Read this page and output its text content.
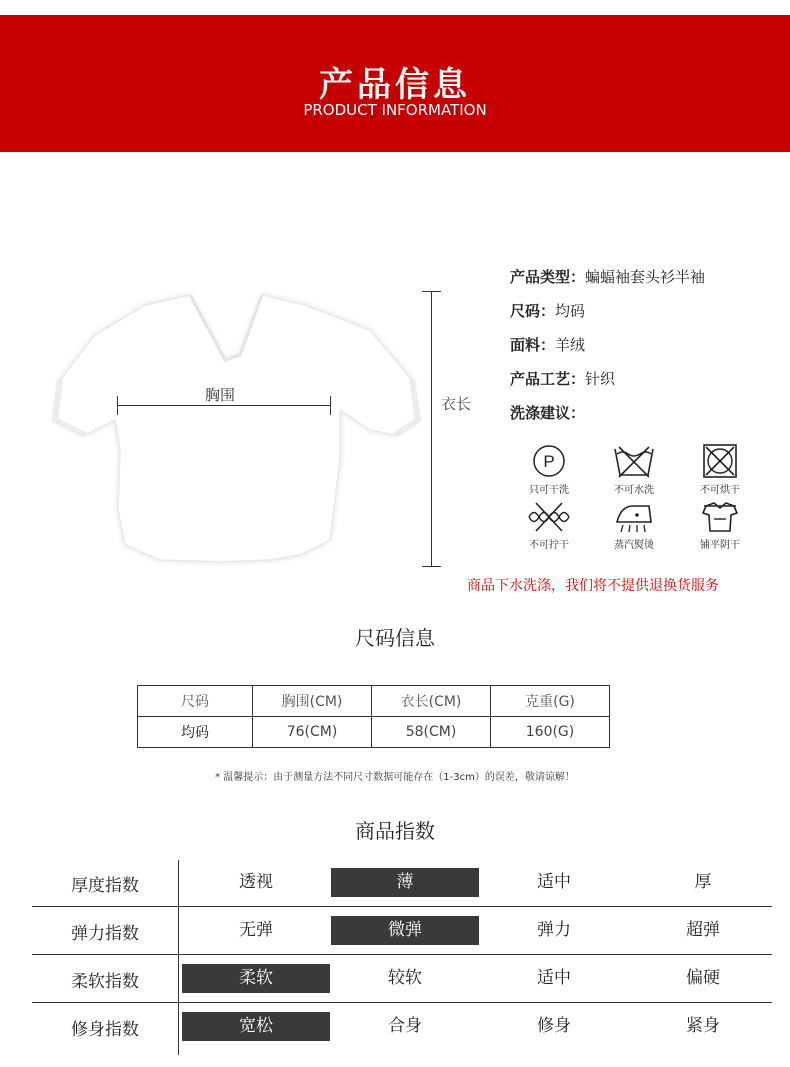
产品信息
PRODUCT INFORMATION
胸围	衣长
产品类型：蝙蝠袖套头衫半袖
尺码：均码
面料：羊绒
产品工艺：针织
洗涤建议：
P
只可干洗	不可水洗	不可烘干
不可拧干	蒸汽熨烫	铺平阴干
商品下水洗涤，我们将不提供退换货服务
尺码信息
尺码	胸围(CM)	衣长(CM)	克重(G)
均码	76(CM)	58(CM)	160(G)
* 温馨提示：由于测量方法不同尺寸数据可能存在（1-3cm）的误差，敬请谅解！
商品指数
厚度指数	透视	薄	适中	厚
弹力指数	无弹	微弹	弹力	超弹
柔软指数	柔软	较软	适中	偏硬
修身指数	宽松	合身	修身	紧身
